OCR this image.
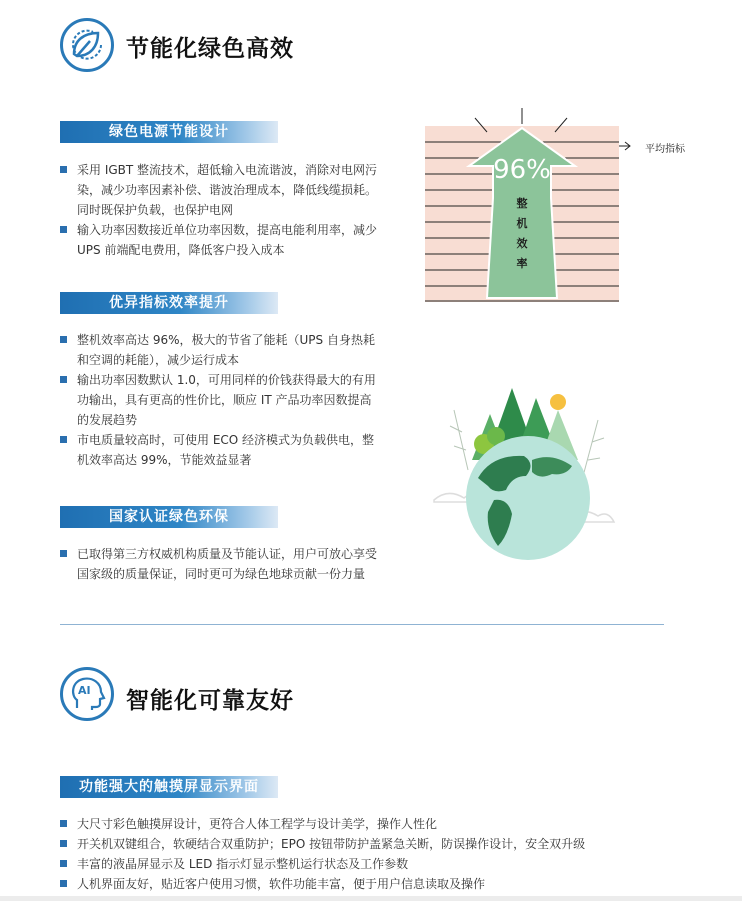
节能化绿色高效
绿色电源节能设计
采用 IGBT 整流技术，超低输入电流谐波，消除对电网污染，减少功率因素补偿、谐波治理成本，降低线缆损耗。同时既保护负载，也保护电网
输入功率因数接近单位功率因数，提高电能利用率，减少 UPS 前端配电费用，降低客户投入成本
优异指标效率提升
整机效率高达 96%，极大的节省了能耗（UPS 自身热耗和空调的耗能），减少运行成本
输出功率因数默认 1.0，可用同样的价钱获得最大的有用功输出，具有更高的性价比，顺应 IT 产品功率因数提高的发展趋势
市电质量较高时，可使用 ECO 经济模式为负载供电，整机效率高达 99%，节能效益显著
国家认证绿色环保
已取得第三方权威机构质量及节能认证，用户可放心享受国家级的质量保证，同时更可为绿色地球贡献一份力量
96%
整
机
效
率
平均指标
AI 智能化可靠友好
功能强大的触摸屏显示界面
大尺寸彩色触摸屏设计，更符合人体工程学与设计美学，操作人性化
开关机双键组合，软硬结合双重防护；EPO 按钮带防护盖紧急关断，防误操作设计，安全双升级
丰富的液晶屏显示及 LED 指示灯显示整机运行状态及工作参数
人机界面友好，贴近客户使用习惯，软件功能丰富，便于用户信息读取及操作
